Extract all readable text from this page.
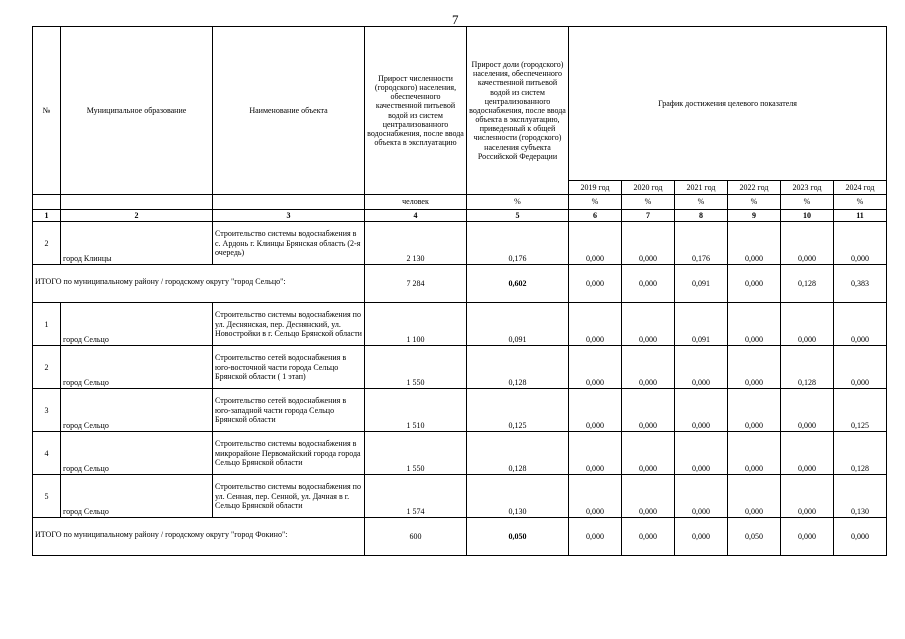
7
№	Муниципальное образование	Наименование объекта	Прирост численности (городского) населения, обеспеченного качественной питьевой водой из систем централизованного водоснабжения, после ввода объекта в эксплуатацию	Прирост доли (городского) населения, обеспеченного качественной питьевой водой из систем централизованного водоснабжения, после ввода объекта в эксплуатацию, приведенный к общей численности (городского) населения субъекта Российской Федерации	График достижения целевого показателя					
					2019 год	2020 год	2021 год	2022 год	2023 год	2024 год
			человек	%	%	%	%	%	%	%
1	2	3	4	5	6	7	8	9	10	11
2	город Клинцы	Строительство системы водоснабжения в с. Ардонь г. Клинцы Брянская область (2-я очередь)	2 130	0,176	0,000	0,000	0,176	0,000	0,000	0,000
ИТОГО по муниципальному району / городскому округу "город Сельцо":			7 284	0,602	0,000	0,000	0,091	0,000	0,128	0,383
1	город Сельцо	Строительство системы водоснабжения по ул. Деснянская, пер. Деснянский, ул. Новостройки в г. Сельцо Брянской области	1 100	0,091	0,000	0,000	0,091	0,000	0,000	0,000
2	город Сельцо	Строительство сетей водоснабжения в юго-восточной части города Сельцо Брянской области ( 1 этап)	1 550	0,128	0,000	0,000	0,000	0,000	0,128	0,000
3	город Сельцо	Строительство сетей водоснабжения в юго-западной части города Сельцо Брянской области	1 510	0,125	0,000	0,000	0,000	0,000	0,000	0,125
4	город Сельцо	Строительство системы водоснабжения в микрорайоне Первомайский города города Сельцо Брянской области	1 550	0,128	0,000	0,000	0,000	0,000	0,000	0,128
5	город Сельцо	Строительство системы водоснабжения по ул. Сенная, пер. Сенной, ул. Дачная в г. Сельцо Брянской области	1 574	0,130	0,000	0,000	0,000	0,000	0,000	0,130
ИТОГО по муниципальному району / городскому округу "город Фокино":			600	0,050	0,000	0,000	0,000	0,050	0,000	0,000
